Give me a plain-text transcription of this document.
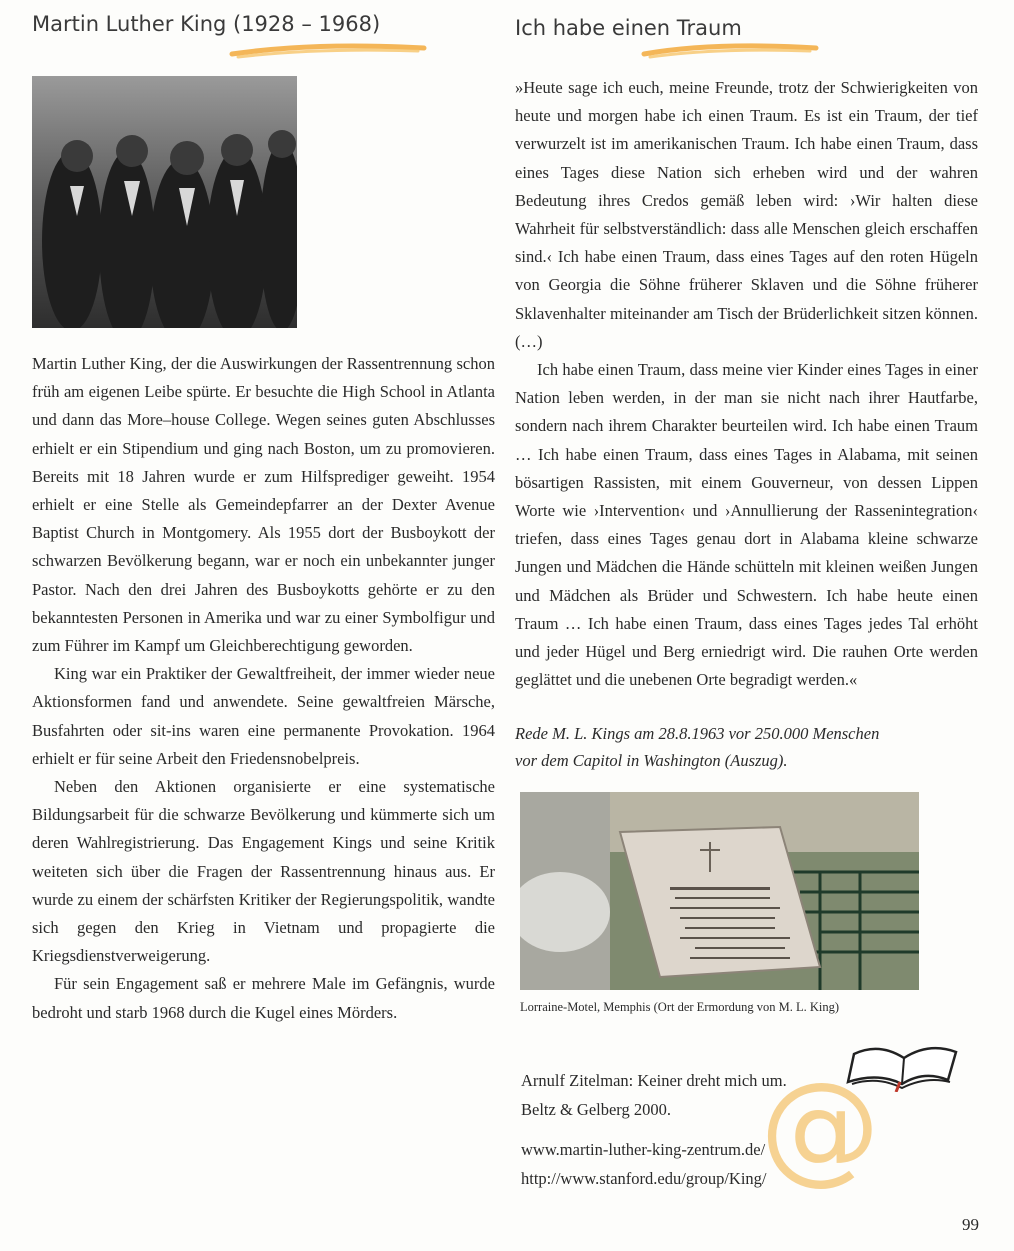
Martin Luther King (1928 – 1968)

Martin Luther King, der die Auswirkungen der Rassentrennung schon früh am eigenen Leibe spürte. Er besuchte die High School in Atlanta und dann das More–house College. Wegen seines guten Abschlusses erhielt er ein Stipendium und ging nach Boston, um zu promovieren. Bereits mit 18 Jahren wurde er zum Hilfsprediger geweiht. 1954 erhielt er eine Stelle als Gemeindepfarrer an der Dexter Avenue Baptist Church in Montgomery. Als 1955 dort der Busboykott der schwarzen Bevölkerung begann, war er noch ein unbekannter junger Pastor. Nach den drei Jahren des Busboykotts gehörte er zu den bekanntesten Personen in Amerika und war zu einer Symbolfigur und zum Führer im Kampf um Gleichberechtigung geworden.

King war ein Praktiker der Gewaltfreiheit, der immer wieder neue Aktionsformen fand und anwendete. Seine gewaltfreien Märsche, Busfahrten oder sit-ins waren eine permanente Provokation. 1964 erhielt er für seine Arbeit den Friedensnobelpreis.

Neben den Aktionen organisierte er eine systematische Bildungsarbeit für die schwarze Bevölkerung und kümmerte sich um deren Wahlregistrierung. Das Engagement Kings und seine Kritik weiteten sich über die Fragen der Rassentrennung hinaus aus. Er wurde zu einem der schärfsten Kritiker der Regierungspolitik, wandte sich gegen den Krieg in Vietnam und propagierte die Kriegsdienstverweigerung.

Für sein Engagement saß er mehrere Male im Gefängnis, wurde bedroht und starb 1968 durch die Kugel eines Mörders.

Ich habe einen Traum

»Heute sage ich euch, meine Freunde, trotz der Schwierigkeiten von heute und morgen habe ich einen Traum. Es ist ein Traum, der tief verwurzelt ist im amerikanischen Traum. Ich habe einen Traum, dass eines Tages diese Nation sich erheben wird und der wahren Bedeutung ihres Credos gemäß leben wird: ›Wir halten diese Wahrheit für selbstverständlich: dass alle Menschen gleich erschaffen sind.‹ Ich habe einen Traum, dass eines Tages auf den roten Hügeln von Georgia die Söhne früherer Sklaven und die Söhne früherer Sklavenhalter miteinander am Tisch der Brüderlichkeit sitzen können. (…)

Ich habe einen Traum, dass meine vier Kinder eines Tages in einer Nation leben werden, in der man sie nicht nach ihrer Hautfarbe, sondern nach ihrem Charakter beurteilen wird. Ich habe einen Traum … Ich habe einen Traum, dass eines Tages in Alabama, mit seinen bösartigen Rassisten, mit einem Gouverneur, von dessen Lippen Worte wie ›Intervention‹ und ›Annullierung der Rassenintegration‹ triefen, dass eines Tages genau dort in Alabama kleine schwarze Jungen und Mädchen die Hände schütteln mit kleinen weißen Jungen und Mädchen als Brüder und Schwestern. Ich habe heute einen Traum … Ich habe einen Traum, dass eines Tages jedes Tal erhöht und jeder Hügel und Berg erniedrigt wird. Die rauhen Orte werden geglättet und die unebenen Orte begradigt werden.«

Rede M. L. Kings am 28.8.1963 vor 250.000 Menschen
vor dem Capitol in Washington (Auszug).

Lorraine-Motel, Memphis (Ort der Ermordung von M. L. King)

@

Arnulf Zitelman: Keiner dreht mich um.
Beltz & Gelberg 2000.

www.martin-luther-king-zentrum.de/
http://www.stanford.edu/group/King/

99
